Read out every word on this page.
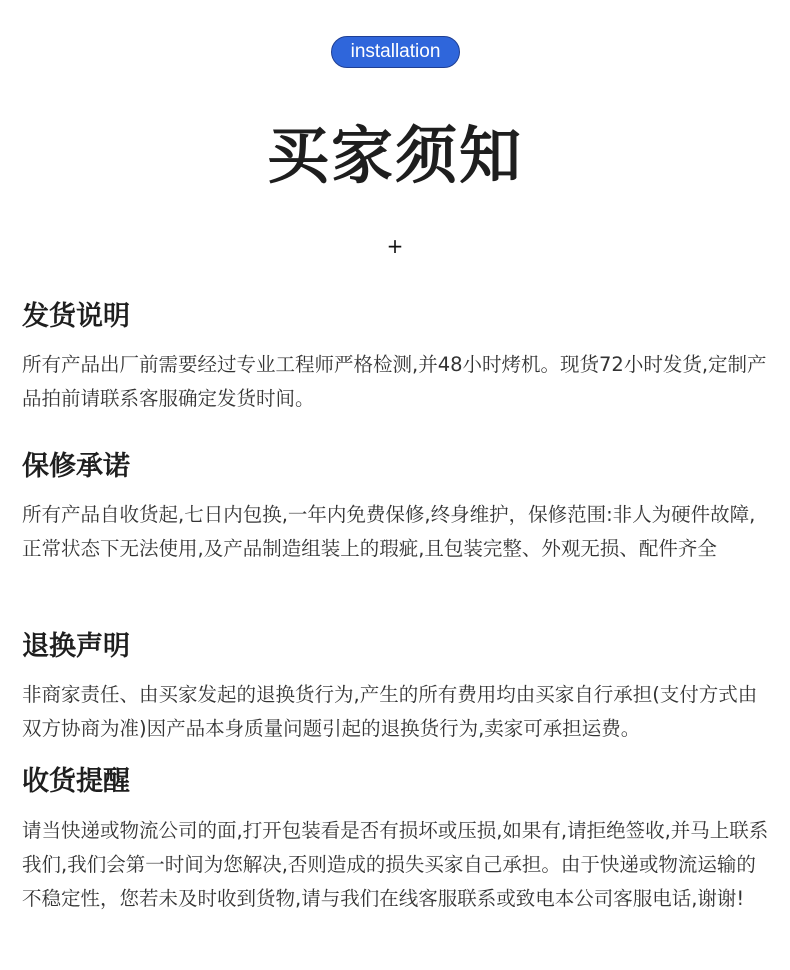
installation
买家须知
+
发货说明

所有产品出厂前需要经过专业工程师严格检测,并48小时烤机。现货72小时发货,定制产品拍前请联系客服确定发货时间。

保修承诺

所有产品自收货起,七日内包换,一年内免费保修,终身维护，保修范围:非人为硬件故障,正常状态下无法使用,及产品制造组装上的瑕疵,且包装完整、外观无损、配件齐全

退换声明

非商家责任、由买家发起的退换货行为,产生的所有费用均由买家自行承担(支付方式由双方协商为准)因产品本身质量问题引起的退换货行为,卖家可承担运费。

收货提醒

请当快递或物流公司的面,打开包装看是否有损坏或压损,如果有,请拒绝签收,并马上联系我们,我们会第一时间为您解决,否则造成的损失买家自己承担。由于快递或物流运输的不稳定性，您若未及时收到货物,请与我们在线客服联系或致电本公司客服电话,谢谢!
